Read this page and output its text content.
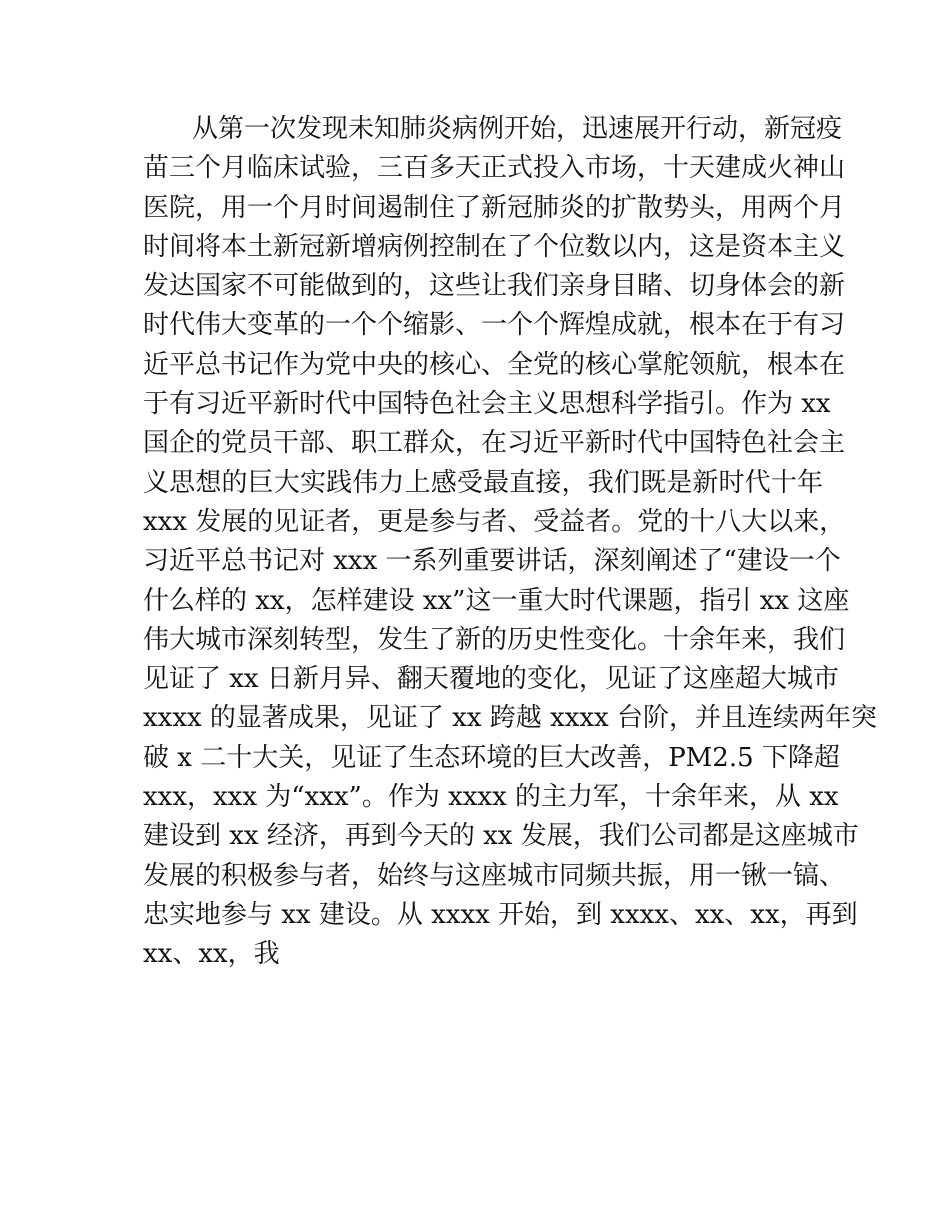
从第一次发现未知肺炎病例开始，迅速展开行动，新冠疫
苗三个月临床试验，三百多天正式投入市场，十天建成火神山
医院，用一个月时间遏制住了新冠肺炎的扩散势头，用两个月
时间将本土新冠新增病例控制在了个位数以内，这是资本主义
发达国家不可能做到的，这些让我们亲身目睹、切身体会的新
时代伟大变革的一个个缩影、一个个辉煌成就，根本在于有习
近平总书记作为党中央的核心、全党的核心掌舵领航，根本在
于有习近平新时代中国特色社会主义思想科学指引。作为 xx
国企的党员干部、职工群众，在习近平新时代中国特色社会主
义思想的巨大实践伟力上感受最直接，我们既是新时代十年
xxx 发展的见证者，更是参与者、受益者。党的十八大以来，
习近平总书记对 xxx 一系列重要讲话，深刻阐述了“建设一个
什么样的 xx，怎样建设 xx”这一重大时代课题，指引 xx 这座
伟大城市深刻转型，发生了新的历史性变化。十余年来，我们
见证了 xx 日新月异、翻天覆地的变化，见证了这座超大城市
xxxx 的显著成果，见证了 xx 跨越 xxxx 台阶，并且连续两年突
破 x 二十大关，见证了生态环境的巨大改善，PM2.5 下降超
xxx，xxx 为“xxx”。作为 xxxx 的主力军，十余年来，从 xx
建设到 xx 经济，再到今天的 xx 发展，我们公司都是这座城市
发展的积极参与者，始终与这座城市同频共振，用一锹一镐、
忠实地参与 xx 建设。从 xxxx 开始，到 xxxx、xx、xx，再到
xx、xx，我
